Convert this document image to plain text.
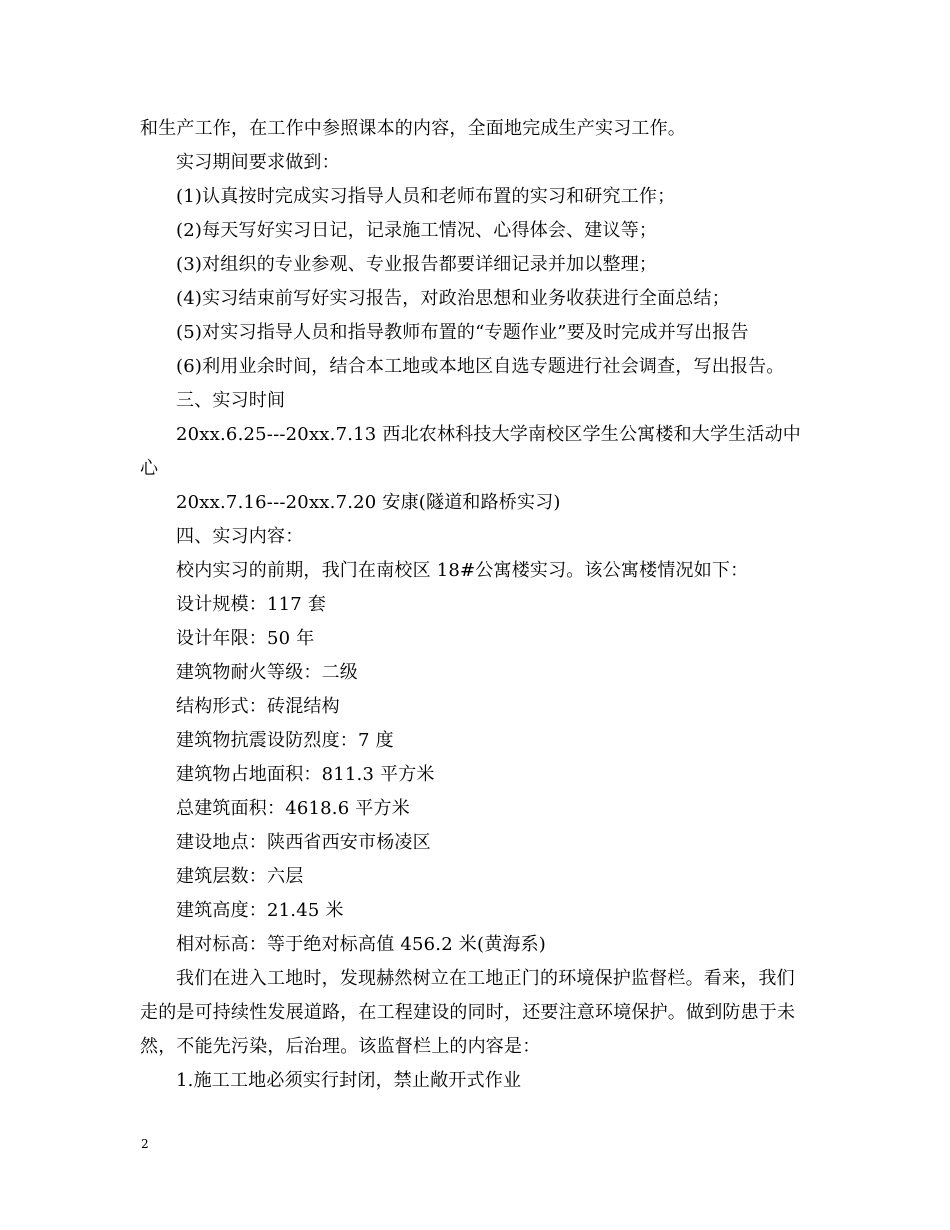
和生产工作，在工作中参照课本的内容，全面地完成生产实习工作。
实习期间要求做到：
(1)认真按时完成实习指导人员和老师布置的实习和研究工作；
(2)每天写好实习日记，记录施工情况、心得体会、建议等；
(3)对组织的专业参观、专业报告都要详细记录并加以整理；
(4)实习结束前写好实习报告，对政治思想和业务收获进行全面总结；
(5)对实习指导人员和指导教师布置的“专题作业”要及时完成并写出报告
(6)利用业余时间，结合本工地或本地区自选专题进行社会调查，写出报告。
三、实习时间
20xx.6.25---20xx.7.13 西北农林科技大学南校区学生公寓楼和大学生活动中
心
20xx.7.16---20xx.7.20 安康(隧道和路桥实习)
四、实习内容：
校内实习的前期，我门在南校区 18#公寓楼实习。该公寓楼情况如下：
设计规模：117 套
设计年限：50 年
建筑物耐火等级：二级
结构形式：砖混结构
建筑物抗震设防烈度：7 度
建筑物占地面积：811.3 平方米
总建筑面积：4618.6 平方米
建设地点：陕西省西安市杨凌区
建筑层数：六层
建筑高度：21.45 米
相对标高：等于绝对标高值 456.2 米(黄海系)
我们在进入工地时，发现赫然树立在工地正门的环境保护监督栏。看来，我们
走的是可持续性发展道路，在工程建设的同时，还要注意环境保护。做到防患于未
然，不能先污染，后治理。该监督栏上的内容是：
1.施工工地必须实行封闭，禁止敞开式作业
2
